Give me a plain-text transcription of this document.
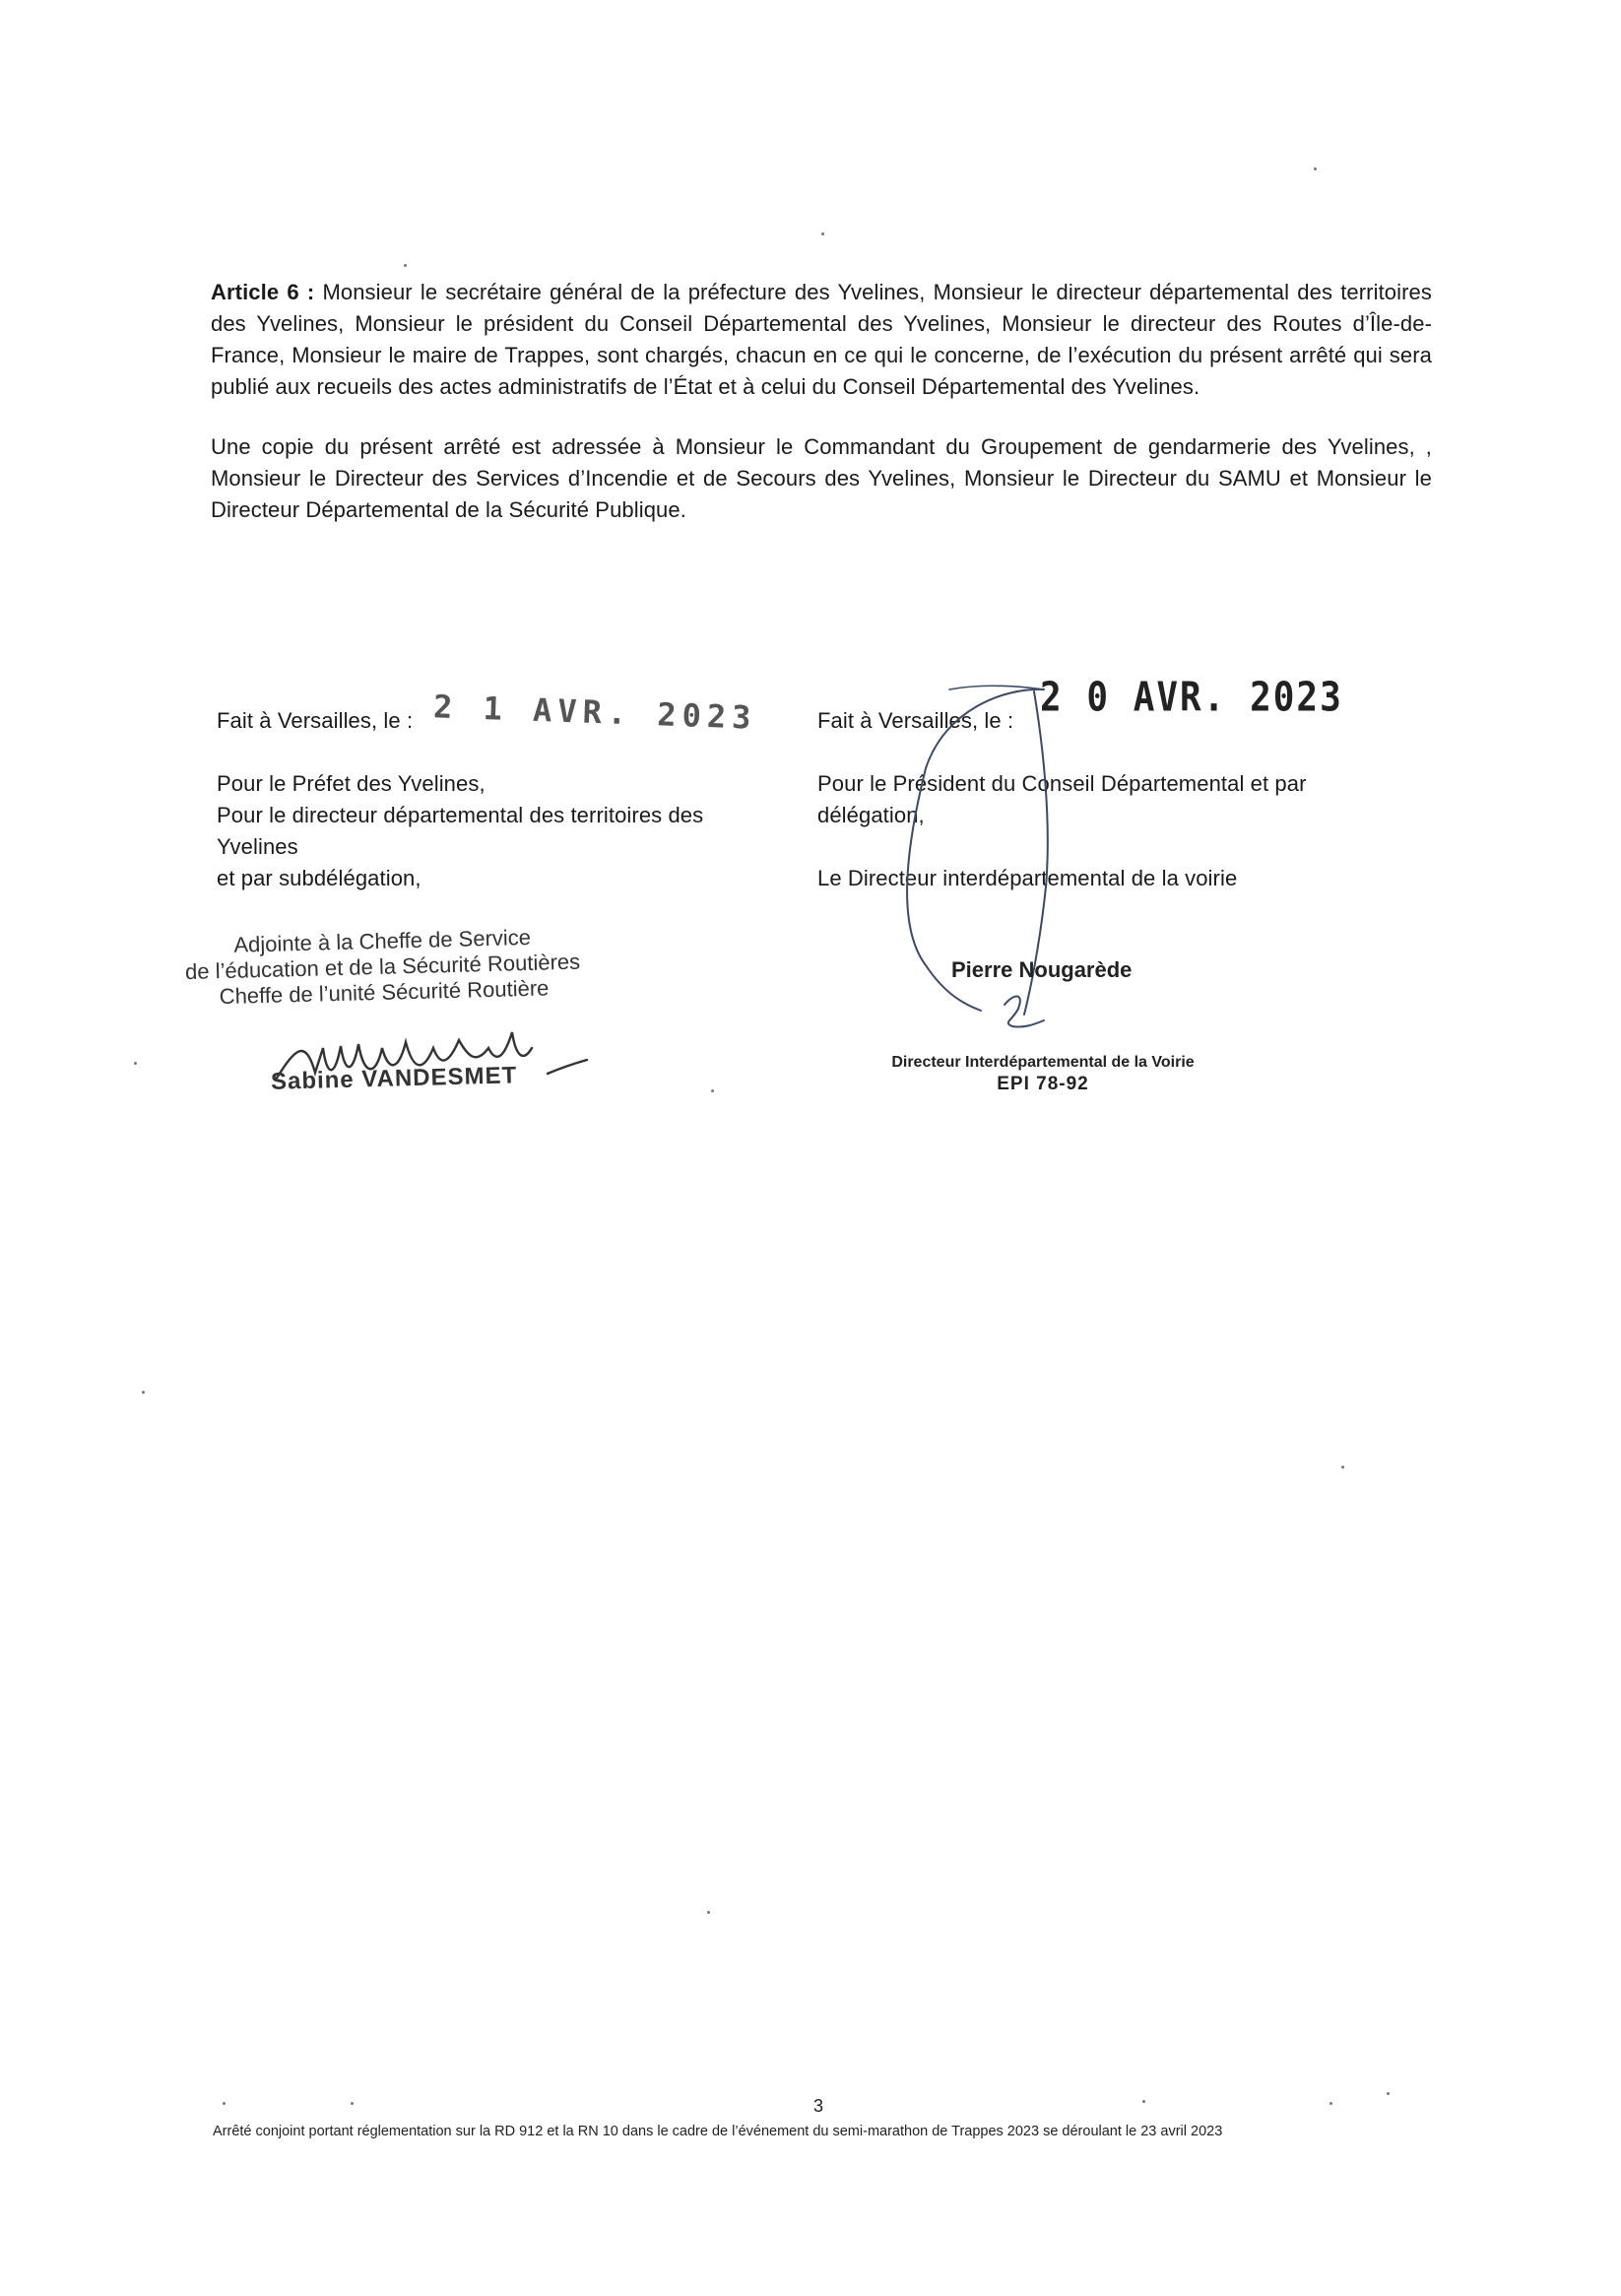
Article 6 : Monsieur le secrétaire général de la préfecture des Yvelines, Monsieur le directeur départemental des territoires des Yvelines, Monsieur le président du Conseil Départemental des Yvelines, Monsieur le directeur des Routes d’Île-de-France, Monsieur le maire de Trappes, sont chargés, chacun en ce qui le concerne, de l’exécution du présent arrêté qui sera publié aux recueils des actes administratifs de l’État et à celui du Conseil Départemental des Yvelines.

Une copie du présent arrêté est adressée à Monsieur le Commandant du Groupement de gendarmerie des Yvelines, , Monsieur le Directeur des Services d’Incendie et de Secours des Yvelines, Monsieur le Directeur du SAMU et Monsieur le Directeur Départemental de la Sécurité Publique.

Fait à Versailles, le :
Pour le Préfet des Yvelines,
Pour le directeur départemental des territoires des
Yvelines
et par subdélégation,
2 1 AVR. 2023	Fait à Versailles, le :
Pour le Président du Conseil Départemental et par
délégation,
Le Directeur interdépartemental de la voirie
2 0 AVR. 2023
Adjointe à la Cheffe de Service
de l’éducation et de la Sécurité Routières
Cheffe de l’unité Sécurité Routière
Sabine VANDESMET
Pierre Nougarède
Directeur Interdépartemental de la Voirie
EPI 78-92
3
Arrêté conjoint portant réglementation sur la RD 912 et la RN 10 dans le cadre de l’événement du semi-marathon de Trappes 2023 se déroulant le 23 avril 2023
